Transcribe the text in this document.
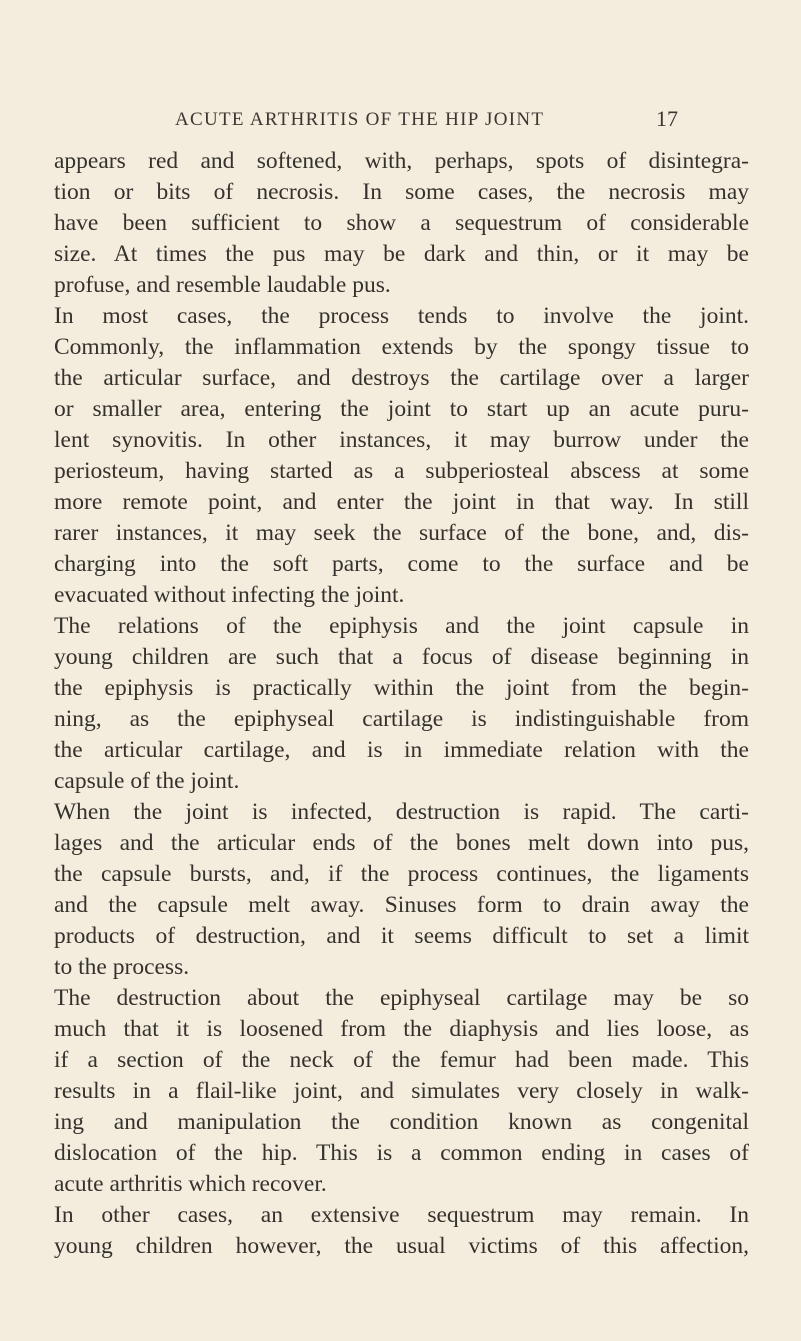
ACUTE ARTHRITIS OF THE HIP JOINT	17
appears red and softened, with, perhaps, spots of disintegra-
tion or bits of necrosis. In some cases, the necrosis may
have been sufficient to show a sequestrum of considerable
size. At times the pus may be dark and thin, or it may be
profuse, and resemble laudable pus.
In most cases, the process tends to involve the joint.
Commonly, the inflammation extends by the spongy tissue to
the articular surface, and destroys the cartilage over a larger
or smaller area, entering the joint to start up an acute puru-
lent synovitis. In other instances, it may burrow under the
periosteum, having started as a subperiosteal abscess at some
more remote point, and enter the joint in that way. In still
rarer instances, it may seek the surface of the bone, and, dis-
charging into the soft parts, come to the surface and be
evacuated without infecting the joint.
The relations of the epiphysis and the joint capsule in
young children are such that a focus of disease beginning in
the epiphysis is practically within the joint from the begin-
ning, as the epiphyseal cartilage is indistinguishable from
the articular cartilage, and is in immediate relation with the
capsule of the joint.
When the joint is infected, destruction is rapid. The carti-
lages and the articular ends of the bones melt down into pus,
the capsule bursts, and, if the process continues, the ligaments
and the capsule melt away. Sinuses form to drain away the
products of destruction, and it seems difficult to set a limit
to the process.
The destruction about the epiphyseal cartilage may be so
much that it is loosened from the diaphysis and lies loose, as
if a section of the neck of the femur had been made. This
results in a flail-like joint, and simulates very closely in walk-
ing and manipulation the condition known as congenital
dislocation of the hip. This is a common ending in cases of
acute arthritis which recover.
In other cases, an extensive sequestrum may remain. In
young children however, the usual victims of this affection,
